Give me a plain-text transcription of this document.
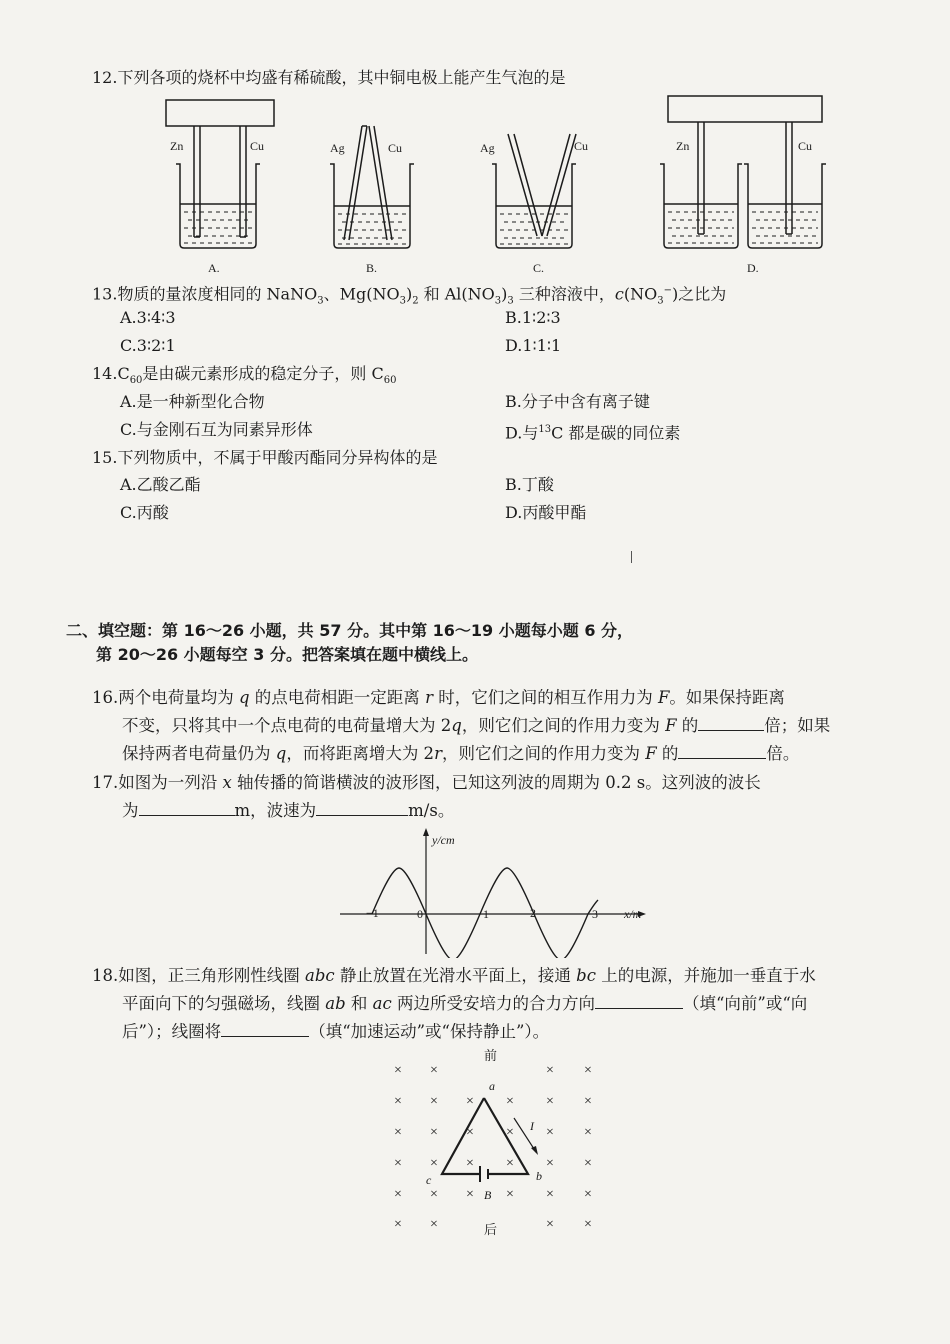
12.下列各项的烧杯中均盛有稀硫酸，其中铜电极上能产生气泡的是
Zn	Cu	Ag	Cu	Ag	Cu	Zn	Cu
A.	B.	C.	D.
13.物质的量浓度相同的 NaNO$_3$、$Mg(NO_3)_2$ 和 $Al(NO_3)_3$ 三种溶液中，$c(NO_3^-)$之比为
A.3∶4∶3	B.1∶2∶3
C.3∶2∶1	D.1∶1∶1
$14.C_{60}$是由碳元素形成的稳定分子，则 $C_{60}$
A.是一种新型化合物	B.分子中含有离子键
C.与金刚石互为同素异形体	D.与$^{13}$C 都是碳的同位素
15.下列物质中，不属于甲酸丙酯同分异构体的是
A.乙酸乙酯	B.丁酸
C.丙酸	D.丙酸甲酯
二、填空题：第 16～26 小题，共 57 分。其中第 16～19 小题每小题 6 分，
第 20～26 小题每空 3 分。把答案填在题中横线上。
16.两个电荷量均为 q 的点电荷相距一定距离 r 时，它们之间的相互作用力为 F。如果保持距离
不变，只将其中一个点电荷的电荷量增大为 2q，则它们之间的作用力变为 F 的	倍；如果
保持两者电荷量仍为 q，而将距离增大为 2r，则它们之间的作用力变为 F 的	倍。
17.如图为一列沿 x 轴传播的简谐横波的波形图，已知这列波的周期为 0.2 s。这列波的波长
为	m，波速为	m/s。
y/cm
x/m
−1	0	1	2	3
18.如图，正三角形刚性线圈 abc 静止放置在光滑水平面上，接通 bc 上的电源，并施加一垂直于水
平面向下的匀强磁场，线圈 ab 和 ac 两边所受安培力的合力方向	（填“向前”或“向
后”）；线圈将	（填“加速运动”或“保持静止”）。
前
后
× ×	× ×
× × × × × ×
× × × × × ×
× × × × × ×
× × × × × ×
× ×	× ×
a
b
c
I
B
